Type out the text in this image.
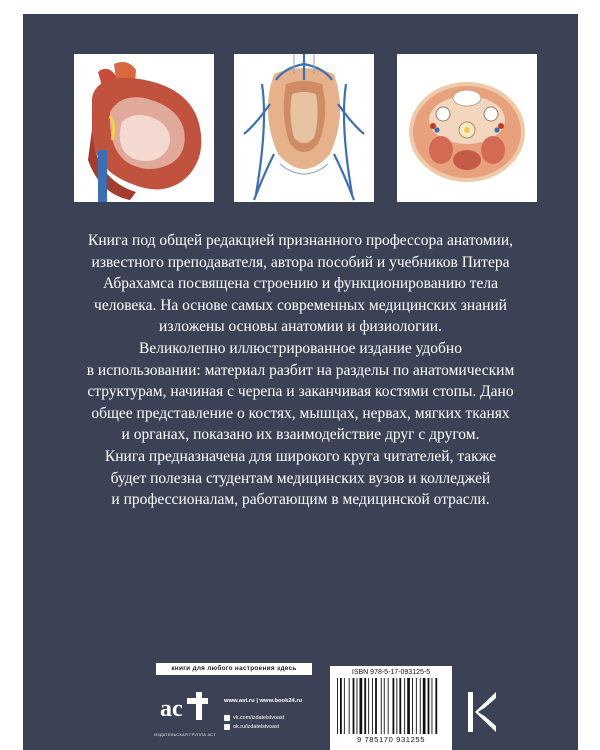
Книга под общей редакцией признанного профессора анатомии,

известного преподавателя, автора пособий и учебников Питера

Абрахамса посвящена строению и функционированию тела

человека. На основе самых современных медицинских знаний

изложены основы анатомии и физиологии.

Великолепно иллюстрированное издание удобно

в использовании: материал разбит на разделы по анатомическим

структурам, начиная с черепа и заканчивая костями стопы. Дано

общее представление о костях, мышцах, нервах, мягких тканях

и органах, показано их взаимодействие друг с другом.

Книга предназначена для широкого круга читателей, также

будет полезна студентам медицинских вузов и колледжей

и профессионалам, работающим в медицинской отрасли.

книги для любого настроения здесь
ac
ИЗДАТЕЛЬСКАЯ ГРУППА АСТ
www.ast.ru | www.book24.ru
vk.com/izdatelstvoast
ok.ru/izdatelstvoast
ISBN 978-5-17-093125-5
9 785170 931255
